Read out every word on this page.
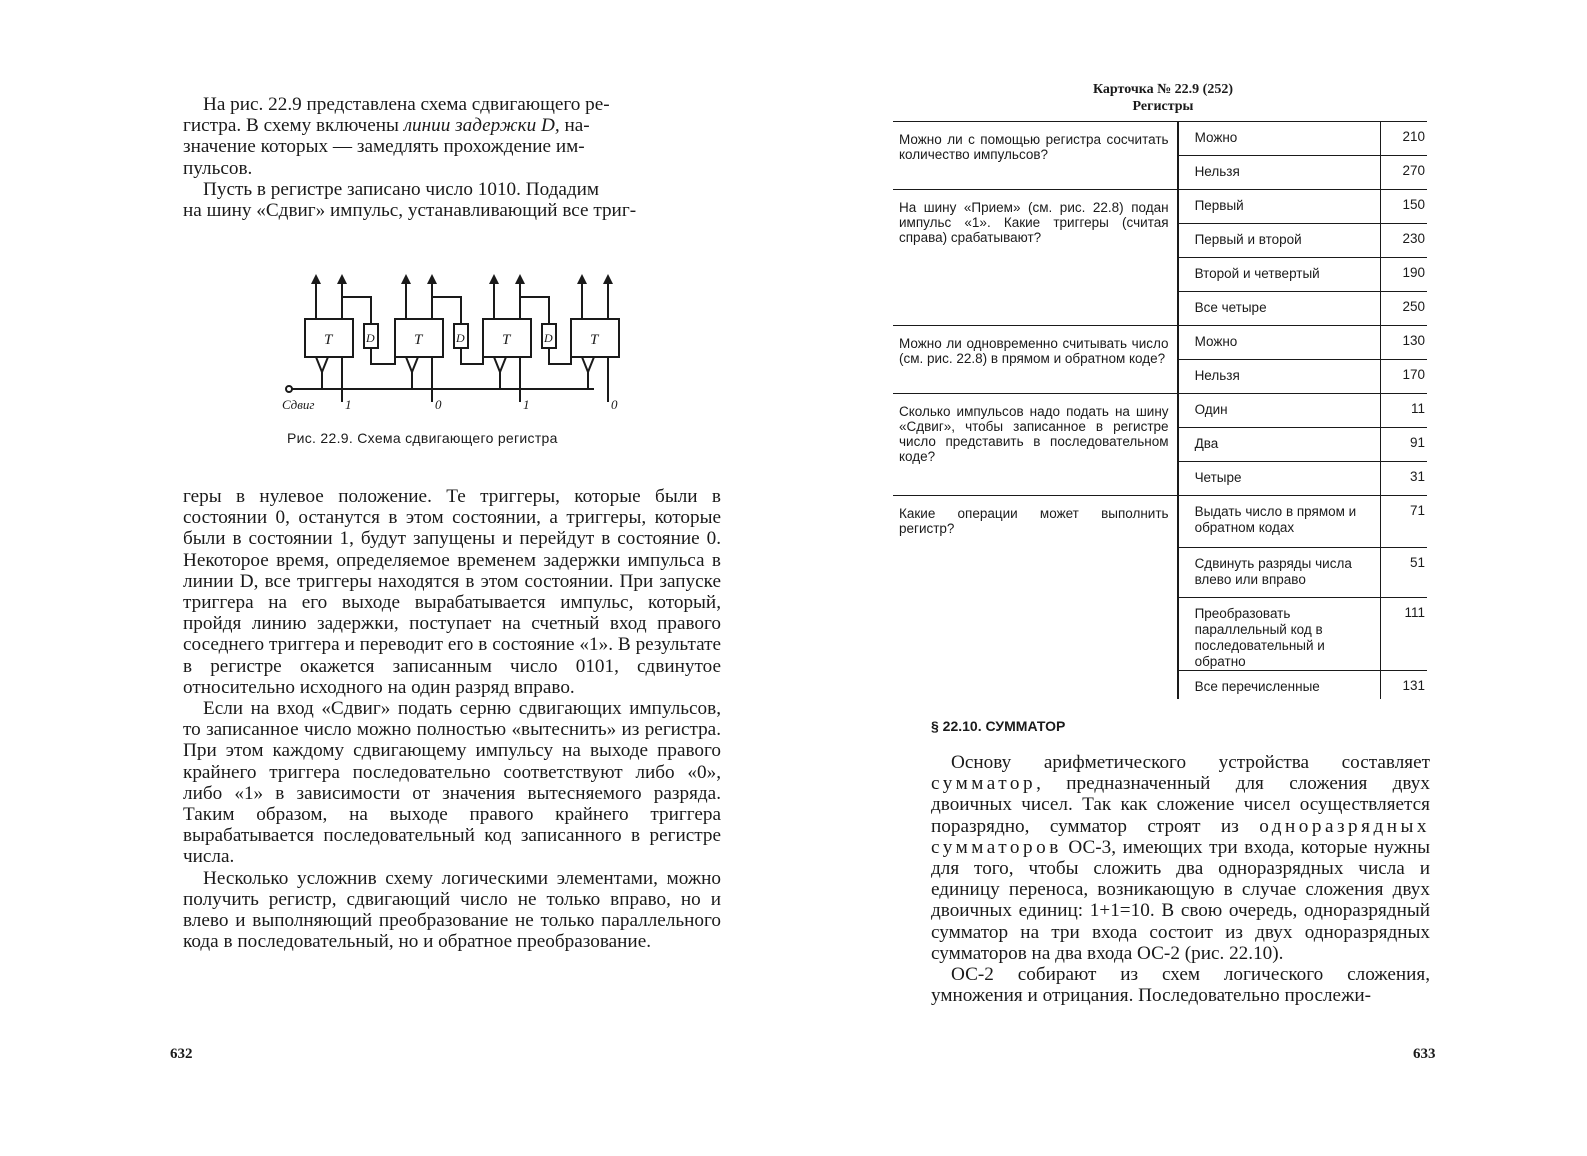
На рис. 22.9 представлена схема сдвигающего ре-
гистра. В схему включены линии задержки D, на-
значение которых — замедлять прохождение им-
пульсов.

Пусть в регистре записано число 1010. Подадим
на шину «Сдвиг» импульс, устанавливающий все триг-

T	D	T	D T	D T
Сдвиг 1	0	1	0
Рис. 22.9. Схема сдвигающего регистра

геры в нулевое положение. Те триггеры, которые были в состоянии 0, останутся в этом состоянии, а триггеры, которые были в состоянии 1, будут запущены и перейдут в состояние 0. Некоторое время, определяемое временем задержки импульса в линии D, все триггеры находятся в этом состоянии. При запуске триггера на его выходе вырабатывается импульс, который, пройдя линию задержки, поступает на счетный вход правого соседнего триггера и переводит его в состояние «1». В результате в регистре окажется записанным число 0101, сдвинутое относительно исходного на один разряд вправо.

Если на вход «Сдвиг» подать серню сдвигающих импульсов, то записанное число можно полностью «вытеснить» из регистра. При этом каждому сдвигающему импульсу на выходе правого крайнего триггера последовательно соответствуют либо «0», либо «1» в зависимости от значения вытесняемого разряда. Таким образом, на выходе правого крайнего триггера вырабатывается последовательный код записанного в регистре числа.

Несколько усложнив схему логическими элементами, можно получить регистр, сдвигающий число не только вправо, но и влево и выполняющий преобразование не только параллельного кода в последовательный, но и обратное преобразование.

632
Карточка № 22.9 (252)
Регистры
Можно ли с помощью регистра сосчитать количество импульсов?	Можно	210
	Нельзя	270
На шину «Прием» (см. рис. 22.8) подан импульс «1». Какие триггеры (считая справа) срабатывают?	Первый	150
	Первый и второй	230
	Второй и четвертый	190
	Все четыре	250
Можно ли одновременно считывать число (см. рис. 22.8) в прямом и обратном коде?	Можно	130
	Нельзя	170
Сколько импульсов надо подать на шину «Сдвиг», чтобы записанное в регистре число представить в последовательном коде?	Один	11
	Два	91
	Четыре	31
Какие операции может выполнить регистр?	Выдать число в прямом и обратном кодах	71
	Сдвинуть разряды числа влево или вправо	51
	Преобразовать параллельный код в последовательный и обратно	111
	Все перечисленные	131
§ 22.10. СУММАТОР

Основу арифметического устройства составляет сумматор, предназначенный для сложения двух двоичных чисел. Так как сложение чисел осуществляется поразрядно, сумматор строят из одноразрядных сумматоров ОС-3, имеющих три входа, которые нужны для того, чтобы сложить два одноразрядных числа и единицу переноса, возникающую в случае сложения двух двоичных единиц: 1+1=10. В свою очередь, одноразрядный сумматор на три входа состоит из двух одноразрядных сумматоров на два входа ОС-2 (рис. 22.10).

ОС-2 собирают из схем логического сложения, умножения и отрицания. Последовательно прослежи-

633
